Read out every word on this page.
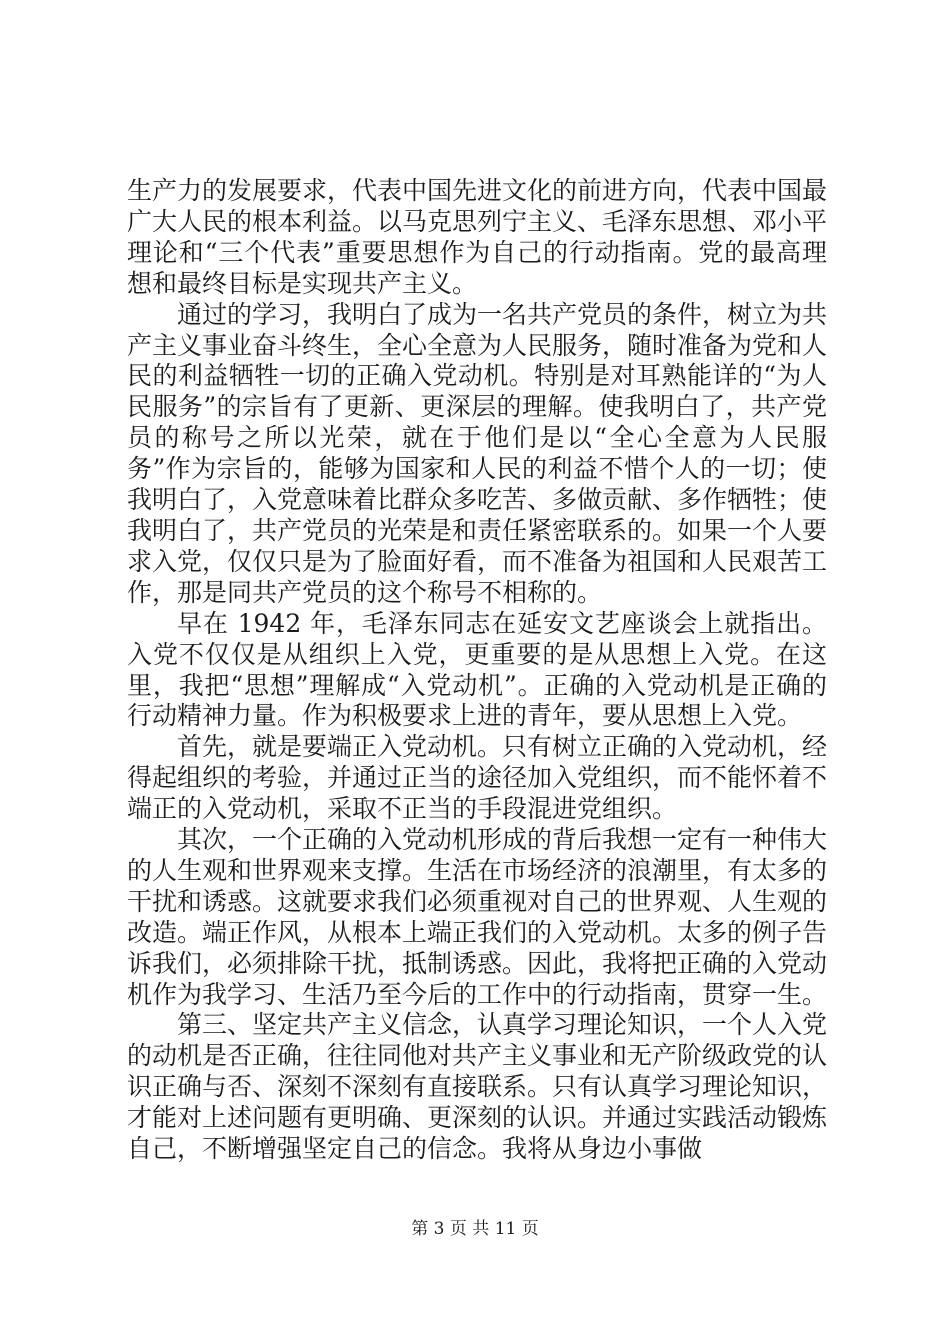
生产力的发展要求，代表中国先进文化的前进方向，代表中国最广大人民的根本利益。以马克思列宁主义、毛泽东思想、邓小平理论和“三个代表”重要思想作为自己的行动指南。党的最高理想和最终目标是实现共产主义。

通过的学习，我明白了成为一名共产党员的条件，树立为共产主义事业奋斗终生，全心全意为人民服务，随时准备为党和人民的利益牺牲一切的正确入党动机。特别是对耳熟能详的“为人民服务”的宗旨有了更新、更深层的理解。使我明白了，共产党员的称号之所以光荣，就在于他们是以“全心全意为人民服务”作为宗旨的，能够为国家和人民的利益不惜个人的一切；使我明白了，入党意味着比群众多吃苦、多做贡献、多作牺牲；使我明白了，共产党员的光荣是和责任紧密联系的。如果一个人要求入党，仅仅只是为了脸面好看，而不准备为祖国和人民艰苦工作，那是同共产党员的这个称号不相称的。

早在 1942 年，毛泽东同志在延安文艺座谈会上就指出。入党不仅仅是从组织上入党，更重要的是从思想上入党。在这里，我把“思想”理解成“入党动机”。正确的入党动机是正确的行动精神力量。作为积极要求上进的青年，要从思想上入党。

首先，就是要端正入党动机。只有树立正确的入党动机，经得起组织的考验，并通过正当的途径加入党组织，而不能怀着不端正的入党动机，采取不正当的手段混进党组织。

其次，一个正确的入党动机形成的背后我想一定有一种伟大的人生观和世界观来支撑。生活在市场经济的浪潮里，有太多的干扰和诱惑。这就要求我们必须重视对自己的世界观、人生观的改造。端正作风，从根本上端正我们的入党动机。太多的例子告诉我们，必须排除干扰，抵制诱惑。因此，我将把正确的入党动机作为我学习、生活乃至今后的工作中的行动指南，贯穿一生。

第三、坚定共产主义信念，认真学习理论知识，一个人入党的动机是否正确，往往同他对共产主义事业和无产阶级政党的认识正确与否、深刻不深刻有直接联系。只有认真学习理论知识，才能对上述问题有更明确、更深刻的认识。并通过实践活动锻炼自己，不断增强坚定自己的信念。我将从身边小事做

第 3 页 共 11 页
